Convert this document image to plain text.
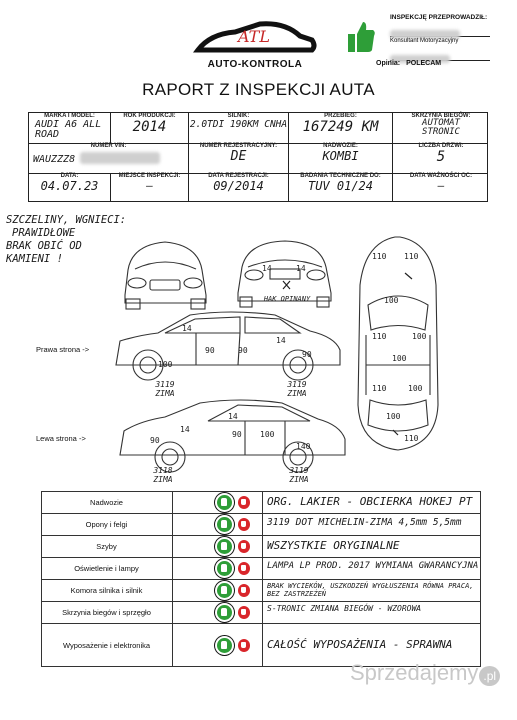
ATL
AUTO-KONTROLA
INSPEKCJĘ PRZEPROWADZIŁ:
Konsultant Motoryzacyjny
Opinia: POLECAM
RAPORT Z INSPEKCJI AUTA
MARKA I MODEL:
AUDI A6 ALL ROAD
ROK PRODUKCJI:
2014
SILNIK:
2.0TDI 190KM CNHA
PRZEBIEG:
167249 KM
SKRZYNIA BIEGÓW:
AUTOMAT STRONIC
NUMER VIN:
WAUZZZ8
NUMER REJESTRACYJNY:
DE
NADWOZIE:
KOMBI
LICZBA DRZWI:
5
DATA:
04.07.23
MIEJSCE INSPEKCJI:
—
DATA REJESTRACJI:
09/2014
BADANIA TECHNICZNE DO:
TUV 01/24
DATA WAŻNOŚCI OC:
—
SZCZELINY, WGNIECI:
PRAWIDŁOWE
BRAK OBIĆ OD
KAMIENI !
Prawa strona ->
Lewa strona ->
HAK OPINANY
3119 ZIMA
3119 ZIMA
3118 ZIMA
3119 ZIMA
14
90	90
14
100
90
90
90 100
14
14
140
14	14
110 110
100
110
100
100
100
110
100
110
Nadwozie	ORG. LAKIER - OBCIERKA HOKEJ PT
Opony i felgi	3119 DOT MICHELIN-ZIMA 4,5mm 5,5mm
Szyby	WSZYSTKIE ORYGINALNE
Oświetlenie i lampy	LAMPA LP PROD. 2017 WYMIANA GWARANCYJNA
Komora silnika i silnik	BRAK WYCIEKÓW, USZKODZEŃ WYGŁUSZENIA RÓWNA PRACA, BEZ ZASTRZEŻEŃ
Skrzynia biegów i sprzęgło	S-TRONIC ZMIANA BIEGÓW - WZOROWA
Wyposażenie i elektronika	CAŁOŚĆ WYPOSAŻENIA - SPRAWNA
Sprzedajemy .pl
